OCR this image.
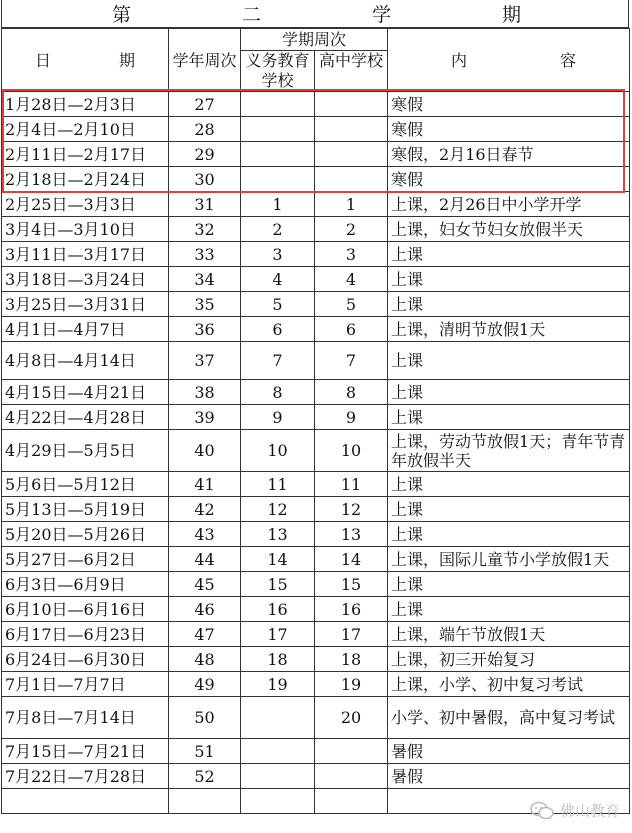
第	二	学	期
日 期	学年周次	学期周次		内 容

		义务教育学校	高中学校	
1月28日—2月3日	27			寒假
2月4日—2月10日	28			寒假
2月11日—2月17日	29			寒假，2月16日春节
2月18日—2月24日	30			寒假
2月25日—3月3日	31	1	1	上课，2月26日中小学开学
3月4日—3月10日	32	2	2	上课，妇女节妇女放假半天
3月11日—3月17日	33	3	3	上课
3月18日—3月24日	34	4	4	上课
3月25日—3月31日	35	5	5	上课
4月1日—4月7日	36	6	6	上课，清明节放假1天
4月8日—4月14日	37	7	7	上课
4月15日—4月21日	38	8	8	上课
4月22日—4月28日	39	9	9	上课
4月29日—5月5日	40	10	10	上课，劳动节放假1天；青年节青年放假半天
5月6日—5月12日	41	11	11	上课
5月13日—5月19日	42	12	12	上课
5月20日—5月26日	43	13	13	上课
5月27日—6月2日	44	14	14	上课，国际儿童节小学放假1天
6月3日—6月9日	45	15	15	上课
6月10日—6月16日	46	16	16	上课
6月17日—6月23日	47	17	17	上课，端午节放假1天
6月24日—6月30日	48	18	18	上课，初三开始复习
7月1日—7月7日	49	19	19	上课，小学、初中复习考试
7月8日—7月14日	50		20	小学、初中暑假，高中复习考试
7月15日—7月21日	51			暑假
7月22日—7月28日	52			暑假

佛山教育
